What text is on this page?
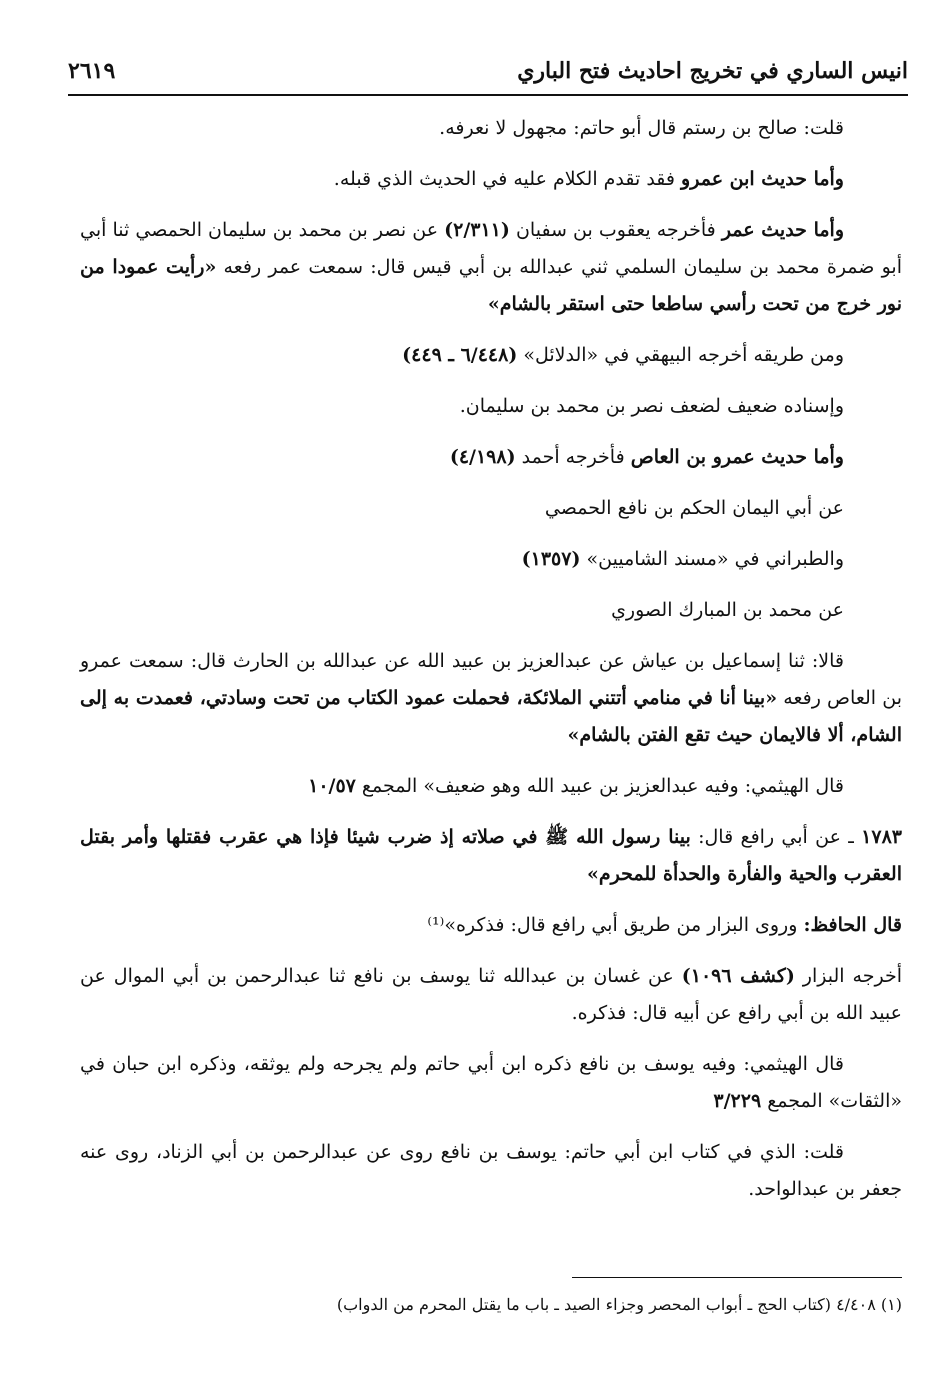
انيس الساري في تخريج احاديث فتح الباري
٢٦١٩

قلت: صالح بن رستم قال أبو حاتم: مجهول لا نعرفه.

وأما حديث ابن عمرو فقد تقدم الكلام عليه في الحديث الذي قبله.

وأما حديث عمر فأخرجه يعقوب بن سفيان (٢/٣١١) عن نصر بن محمد بن سليمان الحمصي ثنا أبي أبو ضمرة محمد بن سليمان السلمي ثني عبدالله بن أبي قيس قال: سمعت عمر رفعه «رأيت عمودا من نور خرج من تحت رأسي ساطعا حتى استقر بالشام»

ومن طريقه أخرجه البيهقي في «الدلائل» (٦/٤٤٨ ـ ٤٤٩)

وإسناده ضعيف لضعف نصر بن محمد بن سليمان.

وأما حديث عمرو بن العاص فأخرجه أحمد (٤/١٩٨)

عن أبي اليمان الحكم بن نافع الحمصي

والطبراني في «مسند الشاميين» (١٣٥٧)

عن محمد بن المبارك الصوري

قالا: ثنا إسماعيل بن عياش عن عبدالعزيز بن عبيد الله عن عبدالله بن الحارث قال: سمعت عمرو بن العاص رفعه «بينا أنا في منامي أتتني الملائكة، فحملت عمود الكتاب من تحت وسادتي، فعمدت به إلى الشام، ألا فالايمان حيث تقع الفتن بالشام»

قال الهيثمي: وفيه عبدالعزيز بن عبيد الله وهو ضعيف» المجمع ١٠/٥٧

١٧٨٣ ـ عن أبي رافع قال: بينا رسول الله ﷺ في صلاته إذ ضرب شيئا فإذا هي عقرب فقتلها وأمر بقتل العقرب والحية والفأرة والحدأة للمحرم»

قال الحافظ: وروى البزار من طريق أبي رافع قال: فذكره»⁽¹⁾

أخرجه البزار (كشف ١٠٩٦) عن غسان بن عبدالله ثنا يوسف بن نافع ثنا عبدالرحمن بن أبي الموال عن عبيد الله بن أبي رافع عن أبيه قال: فذكره.

قال الهيثمي: وفيه يوسف بن نافع ذكره ابن أبي حاتم ولم يجرحه ولم يوثقه، وذكره ابن حبان في «الثقات» المجمع ٣/٢٢٩

قلت: الذي في كتاب ابن أبي حاتم: يوسف بن نافع روى عن عبدالرحمن بن أبي الزناد، روى عنه جعفر بن عبدالواحد.

(١) ٤/٤٠٨ (كتاب الحج ـ أبواب المحصر وجزاء الصيد ـ باب ما يقتل المحرم من الدواب)
